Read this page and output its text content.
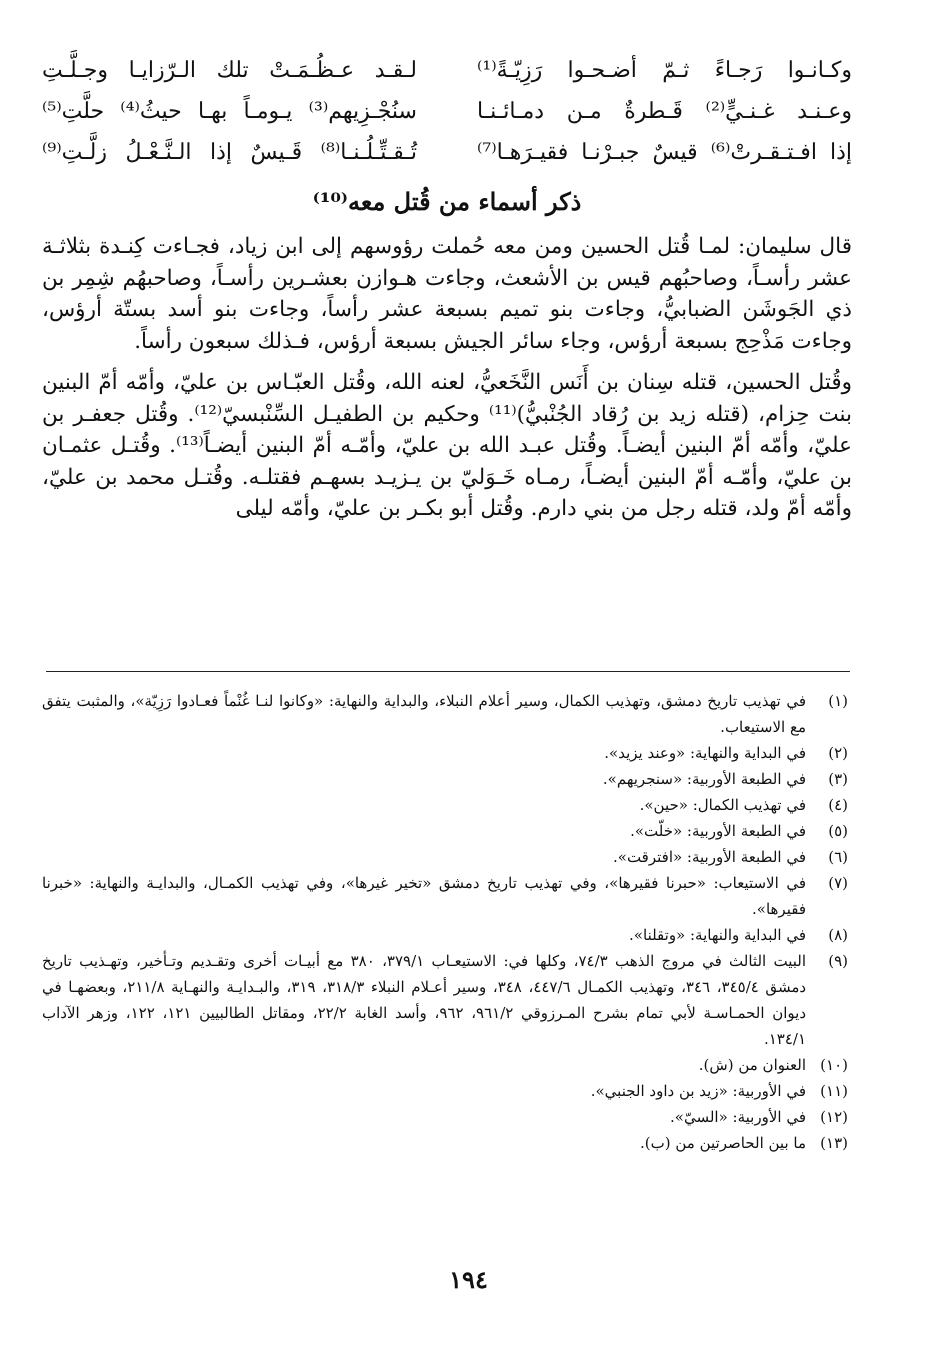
وكـانـوا رَجـاءً ثـمّ أضـحـوا رَزِيّـةً⁽¹⁾
لـقـد عـظُـمَـتْ تلك الـرّزايـا وجـلَّـتِ
وعـنـد غـنـيٍّ⁽²⁾ قَـطرةٌ مـن دمـائـنـا
سنُجْـزِيهم⁽³⁾ يـومـاً بهـا حيثُ⁽⁴⁾ حلَّتِ⁽⁵⁾
إذا افـتـقـرتْ⁽⁶⁾ قيسٌ جبـرْنـا فقيـرَهـا⁽⁷⁾
تُـقـتِّـلُـنـا⁽⁸⁾ قَـيسٌ إذا الـنَّـعْـلُ زلَّـتِ⁽⁹⁾
ذكر أسماء من قُتل معه⁽¹⁰⁾

قال سليمان: لمـا قُتل الحسين ومن معه حُملت رؤوسهم إلى ابن زياد، فجـاءت كِنـدة بثلاثـة عشر رأسـاً، وصاحبُهم قيس بن الأشعث، وجاءت هـوازن بعشـرين رأسـاً، وصاحبهُم شِمِر بن ذي الجَوشَن الضبابيُّ، وجاءت بنو تميم بسبعة عشر رأساً، وجاءت بنو أسد بستّة أرؤس، وجاءت مَذْحِج بسبعة أرؤس، وجاء سائر الجيش بسبعة أرؤس، فـذلك سبعون رأساً.

وقُتل الحسين، قتله سِنان بن أَنَس النَّخَعيُّ، لعنه الله، وقُتل العبّـاس بن عليّ، وأمّه أمّ البنين بنت حِزام، (قتله زيد بن رُقاد الجُنْبيُّ)⁽¹¹⁾ وحكيم بن الطفيـل السِّنْبسيّ⁽¹²⁾. وقُتل جعفـر بن عليّ، وأمّه أمّ البنين أيضـاً. وقُتل عبـد الله بن عليّ، وأمّـه أمّ البنين أيضـاً⁽¹³⁾. وقُتـل عثمـان بن عليّ، وأمّـه أمّ البنين أيضـاً، رمـاه خَـوَليّ بن يـزيـد بسهـم فقتلـه. وقُتـل محمد بن عليّ، وأمّه أمّ ولد، قتله رجل من بني دارم. وقُتل أبو بكـر بن عليّ، وأمّه ليلى

(١)
في تهذيب تاريخ دمشق، وتهذيب الكمال، وسير أعلام النبلاء، والبداية والنهاية: «وكانوا لنـا غُنْماً فعـادوا رَزِيّة»، والمثبت يتفق مع الاستيعاب.
(٢)
في البداية والنهاية: «وعند يزيد».
(٣)
في الطبعة الأوربية: «سنجريهم».
(٤)
في تهذيب الكمال: «حين».
(٥)
في الطبعة الأوربية: «خلّت».
(٦)
في الطبعة الأوربية: «افترقت».
(٧)
في الاستيعاب: «حبرنا فقيرها»، وفي تهذيب تاريخ دمشق «تخير غيرها»، وفي تهذيب الكمـال، والبدايـة والنهاية: «خبرنا فقيرها».
(٨)
في البداية والنهاية: «وتقلنا».
(٩)
البيت الثالث في مروج الذهب ٧٤/٣، وكلها في: الاستيعـاب ٣٧٩/١، ٣٨٠ مع أبيـات أخرى وتقـديم وتـأخير، وتهـذيب تاريخ دمشق ٣٤٥/٤، ٣٤٦، وتهذيب الكمـال ٤٤٧/٦، ٣٤٨، وسير أعـلام النبلاء ٣١٨/٣، ٣١٩، والبـدايـة والنهـاية ٢١١/٨، وبعضهـا في ديوان الحمـاسـة لأبي تمام بشرح المـرزوقي ٩٦١/٢، ٩٦٢، وأسد الغابة ٢٢/٢، ومقاتل الطالبيين ١٢١، ١٢٢، وزهر الآداب ١٣٤/١.
(١٠)
العنوان من (ش).
(١١)
في الأوربية: «زيد بن داود الجنبي».
(١٢)
في الأوربية: «السيّ».
(١٣)
ما بين الحاصرتين من (ب).
١٩٤
